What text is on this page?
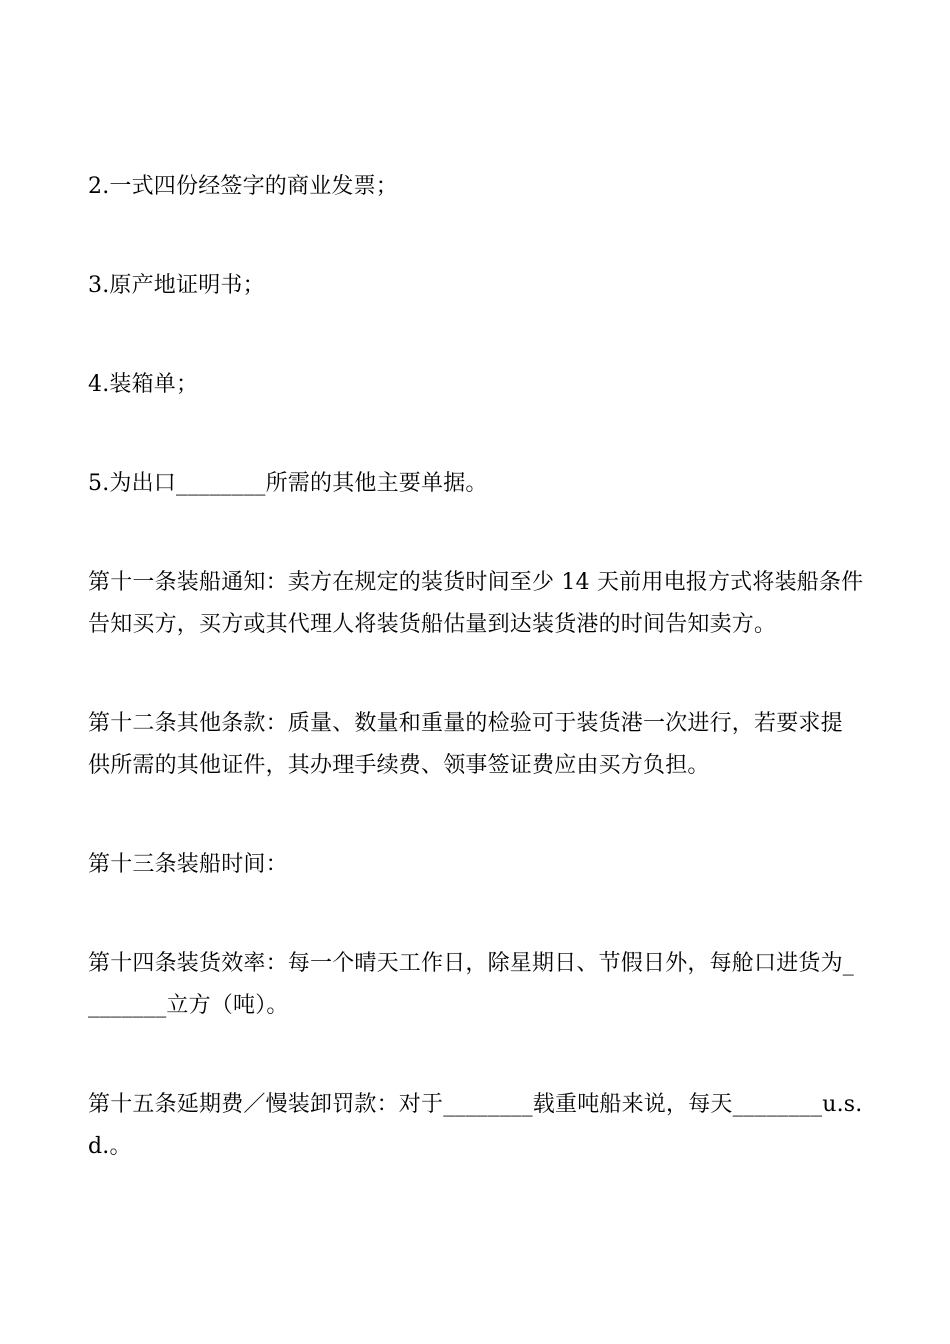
2.一式四份经签字的商业发票；

3.原产地证明书；

4.装箱单；

5.为出口________所需的其他主要单据。

第十一条装船通知：卖方在规定的装货时间至少 14 天前用电报方式将装船条件告知买方，买方或其代理人将装货船估量到达装货港的时间告知卖方。

第十二条其他条款：质量、数量和重量的检验可于装货港一次进行，若要求提供所需的其他证件，其办理手续费、领事签证费应由买方负担。

第十三条装船时间：

第十四条装货效率：每一个晴天工作日，除星期日、节假日外，每舱口进货为________立方（吨）。

第十五条延期费／慢装卸罚款：对于________载重吨船来说，每天________u.s.d.。
